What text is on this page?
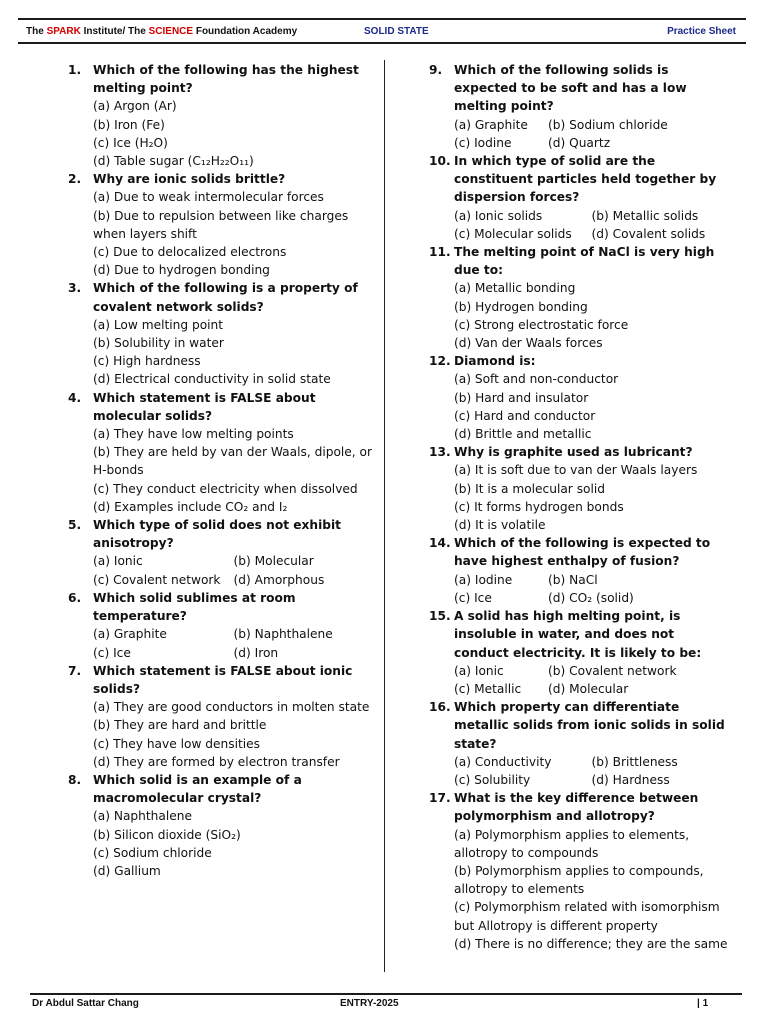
The SPARK Institute/ The SCIENCE Foundation Academy	SOLID STATE	Practice Sheet
1. Which of the following has the highest melting point?
(a) Argon (Ar)
(b) Iron (Fe)
(c) Ice (H₂O)
(d) Table sugar (C₁₂H₂₂O₁₁)
2. Why are ionic solids brittle?
(a) Due to weak intermolecular forces
(b) Due to repulsion between like charges when layers shift
(c) Due to delocalized electrons
(d) Due to hydrogen bonding
3. Which of the following is a property of covalent network solids?
(a) Low melting point
(b) Solubility in water
(c) High hardness
(d) Electrical conductivity in solid state
4. Which statement is FALSE about molecular solids?
(a) They have low melting points
(b) They are held by van der Waals, dipole, or H-bonds
(c) They conduct electricity when dissolved
(d) Examples include CO₂ and I₂
5. Which type of solid does not exhibit anisotropy?
(a) Ionic	(b) Molecular
(c) Covalent network	(d) Amorphous
6. Which solid sublimes at room temperature?
(a) Graphite	(b) Naphthalene
(c) Ice	(d) Iron
7. Which statement is FALSE about ionic solids?
(a) They are good conductors in molten state
(b) They are hard and brittle
(c) They have low densities
(d) They are formed by electron transfer
8. Which solid is an example of a macromolecular crystal?
(a) Naphthalene
(b) Silicon dioxide (SiO₂)
(c) Sodium chloride
(d) Gallium
9. Which of the following solids is expected to be soft and has a low melting point?
(a) Graphite	(b) Sodium chloride
(c) Iodine	(d) Quartz
10. In which type of solid are the constituent particles held together by dispersion forces?
(a) Ionic solids	(b) Metallic solids
(c) Molecular solids	(d) Covalent solids
11. The melting point of NaCl is very high due to:
(a) Metallic bonding
(b) Hydrogen bonding
(c) Strong electrostatic force
(d) Van der Waals forces
12. Diamond is:
(a) Soft and non-conductor
(b) Hard and insulator
(c) Hard and conductor
(d) Brittle and metallic
13. Why is graphite used as lubricant?
(a) It is soft due to van der Waals layers
(b) It is a molecular solid
(c) It forms hydrogen bonds
(d) It is volatile
14. Which of the following is expected to have highest enthalpy of fusion?
(a) Iodine	(b) NaCl
(c) Ice	(d) CO₂ (solid)
15. A solid has high melting point, is insoluble in water, and does not conduct electricity. It is likely to be:
(a) Ionic	(b) Covalent network
(c) Metallic	(d) Molecular
16. Which property can differentiate metallic solids from ionic solids in solid state?
(a) Conductivity	(b) Brittleness
(c) Solubility	(d) Hardness
17. What is the key difference between polymorphism and allotropy?
(a) Polymorphism applies to elements, allotropy to compounds
(b) Polymorphism applies to compounds, allotropy to elements
(c) Polymorphism related with isomorphism but Allotropy is different property
(d) There is no difference; they are the same
Dr Abdul Sattar Chang	ENTRY-2025	| 1
